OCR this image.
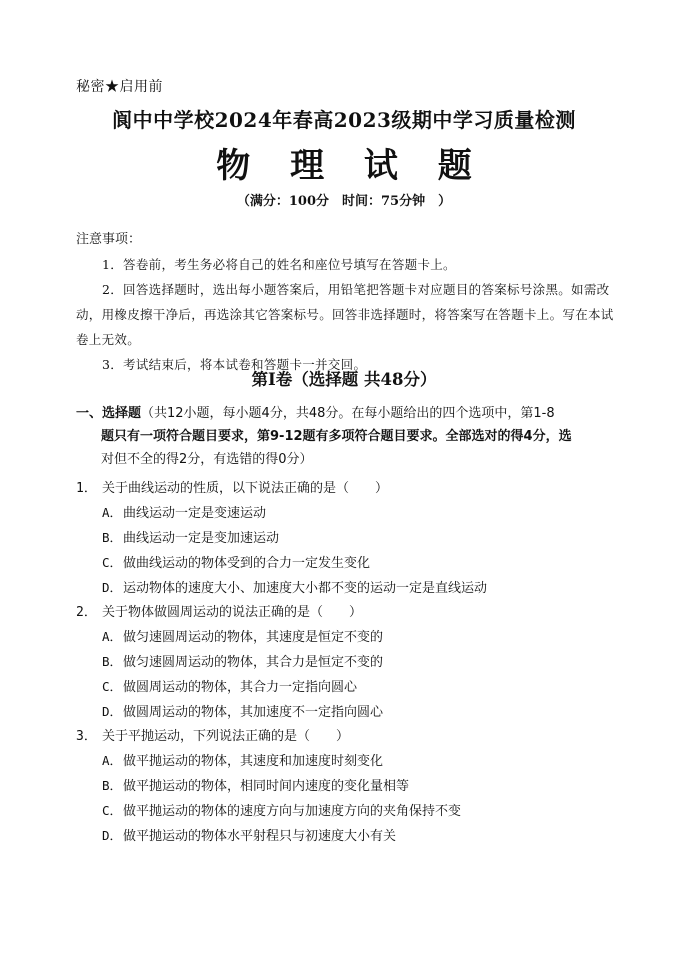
秘密★启用前
阆中中学校2024年春高2023级期中学习质量检测
物 理 试 题
（满分：100分　时间：75分钟　）
注意事项：
1．答卷前，考生务必将自己的姓名和座位号填写在答题卡上。
2．回答选择题时，选出每小题答案后，用铅笔把答题卡对应题目的答案标号涂黑。如需改动，用橡皮擦干净后，再选涂其它答案标号。回答非选择题时，将答案写在答题卡上。写在本试卷上无效。
3．考试结束后，将本试卷和答题卡一并交回。
第Ⅰ卷（选择题 共48分）
一、选择题（共12小题，每小题4分，共48分。在每小题给出的四个选项中，第1-8
题只有一项符合题目要求，第9-12题有多项符合题目要求。全部选对的得4分，选
对但不全的得2分，有选错的得0分）
1． 关于曲线运动的性质，以下说法正确的是（　　）
A．曲线运动一定是变速运动
B．曲线运动一定是变加速运动
C．做曲线运动的物体受到的合力一定发生变化
D．运动物体的速度大小、加速度大小都不变的运动一定是直线运动
2． 关于物体做圆周运动的说法正确的是（　　）
A．做匀速圆周运动的物体，其速度是恒定不变的
B．做匀速圆周运动的物体，其合力是恒定不变的
C．做圆周运动的物体，其合力一定指向圆心
D．做圆周运动的物体，其加速度不一定指向圆心
3． 关于平抛运动，下列说法正确的是（　　）
A．做平抛运动的物体，其速度和加速度时刻变化
B．做平抛运动的物体，相同时间内速度的变化量相等
C．做平抛运动的物体的速度方向与加速度方向的夹角保持不变
D．做平抛运动的物体水平射程只与初速度大小有关
